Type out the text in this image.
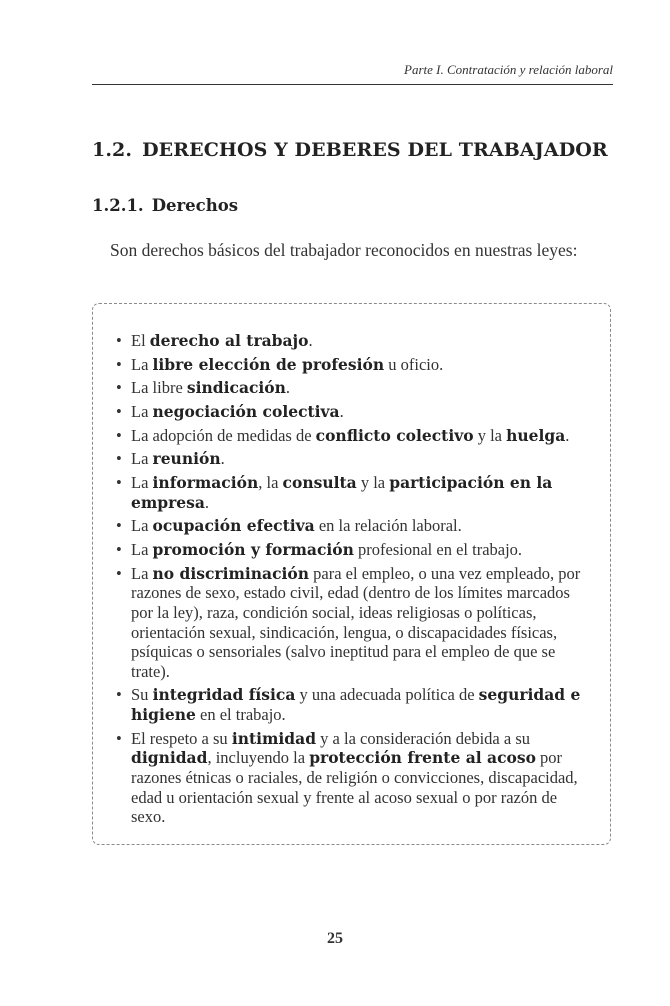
Parte I. Contratación y relación laboral
1.2. DERECHOS Y DEBERES DEL TRABAJADOR
1.2.1. Derechos

Son derechos básicos del trabajador reconocidos en nuestras leyes:

• El derecho al trabajo.
• La libre elección de profesión u oficio.
• La libre sindicación.
• La negociación colectiva.
• La adopción de medidas de conflicto colectivo y la huelga.
• La reunión.
• La información, la consulta y la participación en la empresa.
• La ocupación efectiva en la relación laboral.
• La promoción y formación profesional en el trabajo.
• La no discriminación para el empleo, o una vez empleado, por razones de sexo, estado civil, edad (dentro de los límites marcados por la ley), raza, condición social, ideas religiosas o políticas, orientación sexual, sindicación, lengua, o discapacidades físicas, psíquicas o sensoriales (salvo ineptitud para el empleo de que se trate).
• Su integridad física y una adecuada política de seguridad e higiene en el trabajo.
• El respeto a su intimidad y a la consideración debida a su dignidad, incluyendo la protección frente al acoso por razones étnicas o raciales, de religión o convicciones, discapacidad, edad u orientación sexual y frente al acoso sexual o por razón de sexo.
25
